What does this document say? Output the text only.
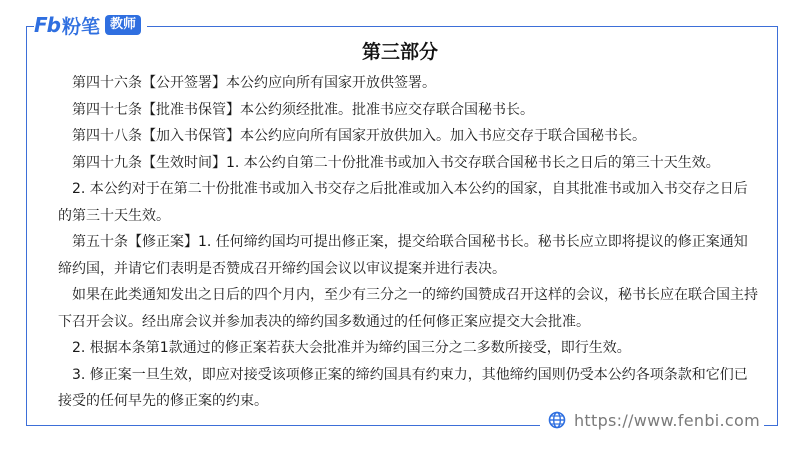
Fb 粉笔 教师
第三部分

第四十六条【公开签署】本公约应向所有国家开放供签署。

第四十七条【批准书保管】本公约须经批准。批准书应交存联合国秘书长。

第四十八条【加入书保管】本公约应向所有国家开放供加入。加入书应交存于联合国秘书长。

第四十九条【生效时间】1. 本公约自第二十份批准书或加入书交存联合国秘书长之日后的第三十天生效。

2. 本公约对于在第二十份批准书或加入书交存之后批准或加入本公约的国家，自其批准书或加入书交存之日后的第三十天生效。

第五十条【修正案】1. 任何缔约国均可提出修正案，提交给联合国秘书长。秘书长应立即将提议的修正案通知缔约国，并请它们表明是否赞成召开缔约国会议以审议提案并进行表决。

如果在此类通知发出之日后的四个月内，至少有三分之一的缔约国赞成召开这样的会议，秘书长应在联合国主持下召开会议。经出席会议并参加表决的缔约国多数通过的任何修正案应提交大会批准。

2. 根据本条第1款通过的修正案若获大会批准并为缔约国三分之二多数所接受，即行生效。

3. 修正案一旦生效，即应对接受该项修正案的缔约国具有约束力，其他缔约国则仍受本公约各项条款和它们已接受的任何早先的修正案的约束。

https://www.fenbi.com
